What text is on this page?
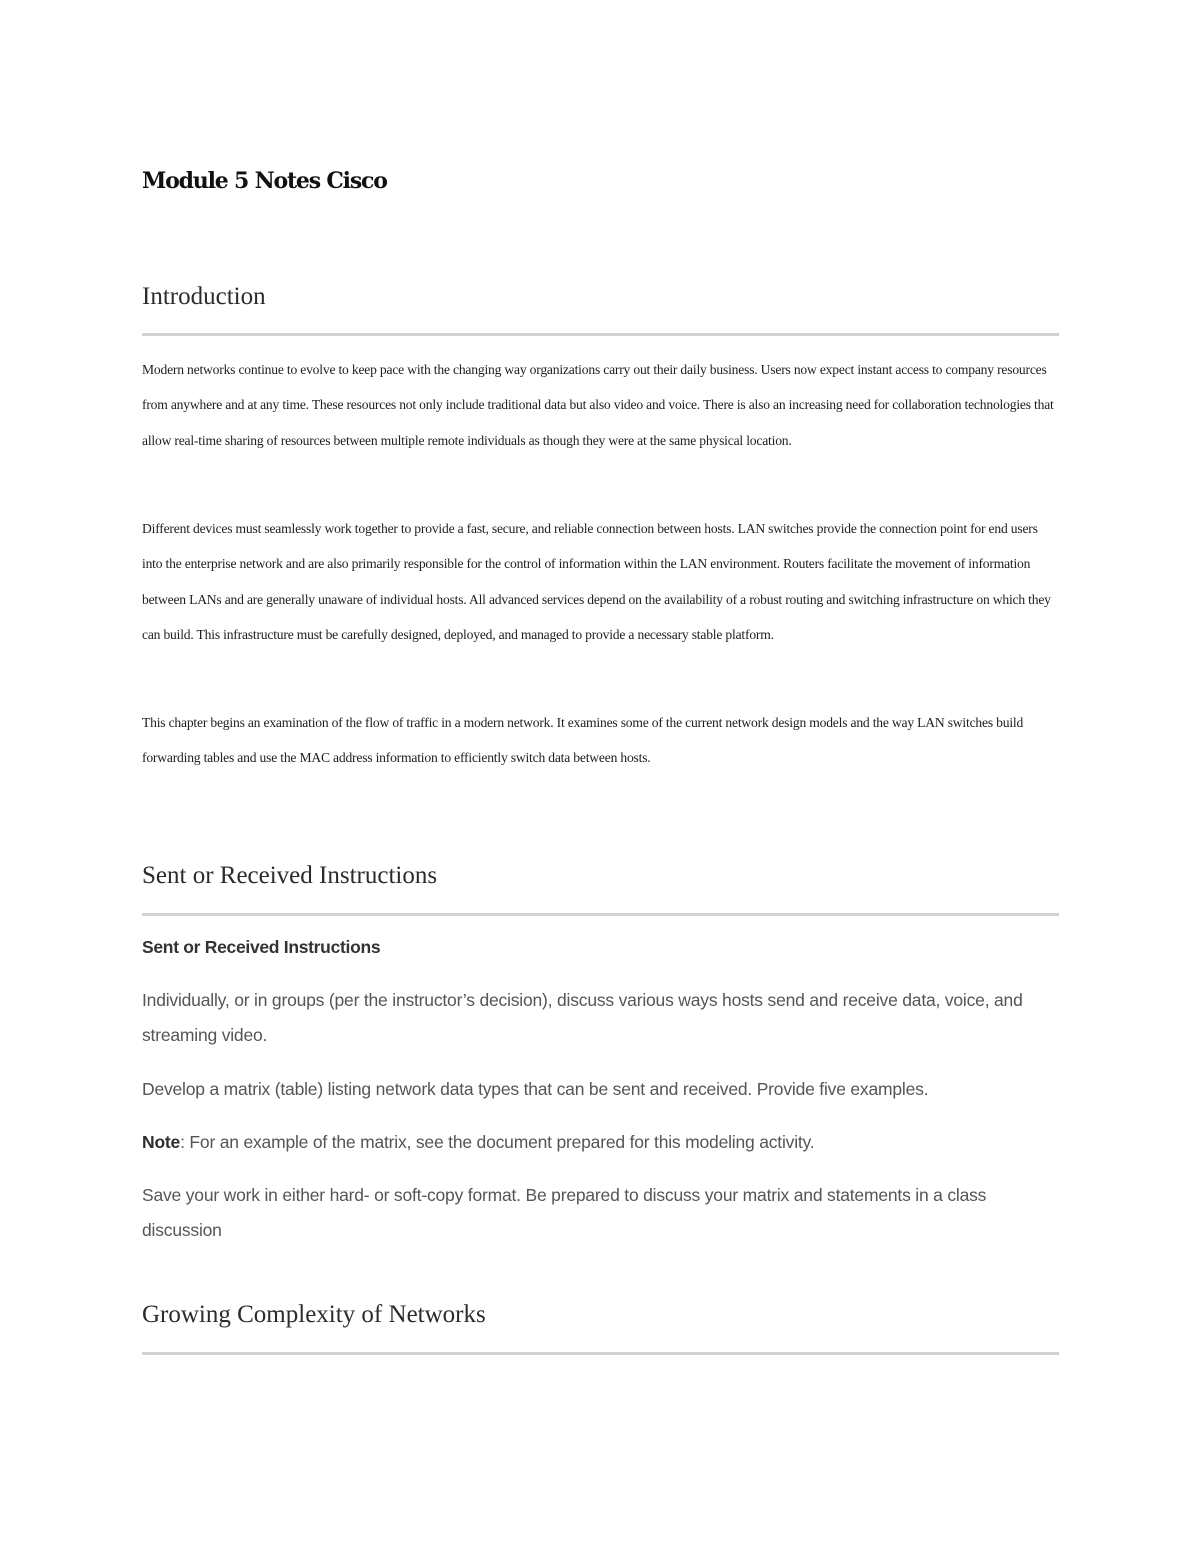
Module 5 Notes Cisco
Introduction

Modern networks continue to evolve to keep pace with the changing way organizations carry out their daily business. Users now expect instant access to company resources from anywhere and at any time. These resources not only include traditional data but also video and voice. There is also an increasing need for collaboration technologies that allow real-time sharing of resources between multiple remote individuals as though they were at the same physical location.

Different devices must seamlessly work together to provide a fast, secure, and reliable connection between hosts. LAN switches provide the connection point for end users into the enterprise network and are also primarily responsible for the control of information within the LAN environment. Routers facilitate the movement of information between LANs and are generally unaware of individual hosts. All advanced services depend on the availability of a robust routing and switching infrastructure on which they can build. This infrastructure must be carefully designed, deployed, and managed to provide a necessary stable platform.

This chapter begins an examination of the flow of traffic in a modern network. It examines some of the current network design models and the way LAN switches build forwarding tables and use the MAC address information to efficiently switch data between hosts.

Sent or Received Instructions
Sent or Received Instructions

Individually, or in groups (per the instructor’s decision), discuss various ways hosts send and receive data, voice, and streaming video.

Develop a matrix (table) listing network data types that can be sent and received. Provide five examples.

Note: For an example of the matrix, see the document prepared for this modeling activity.

Save your work in either hard- or soft-copy format. Be prepared to discuss your matrix and statements in a class discussion

Growing Complexity of Networks
